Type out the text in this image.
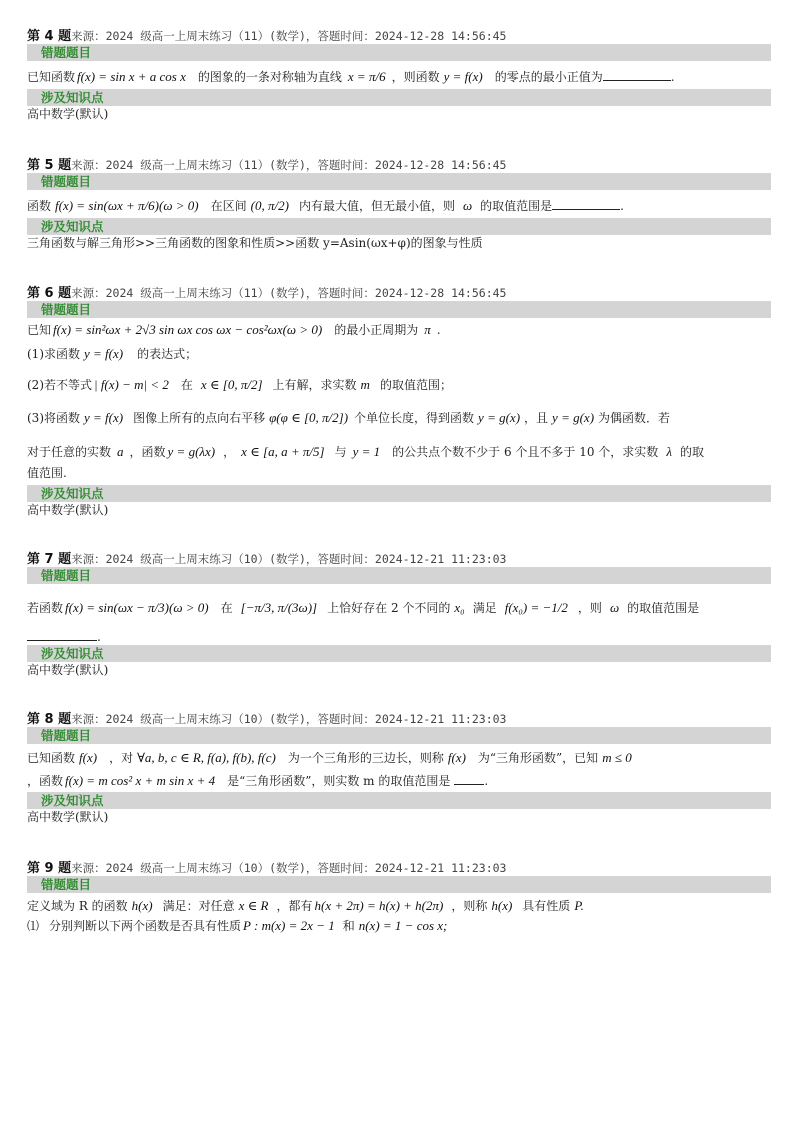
第 4 题来源：2024 级高一上周末练习（11）(数学)，答题时间：2024-12-28 14:56:45
错题题目
已知函数 f(x) = sin x + a cos x 的图象的一条对称轴为直线 x = π/6 ，则函数 y = f(x) 的零点的最小正值为	.
涉及知识点
高中数学(默认)
第 5 题来源：2024 级高一上周末练习（11）(数学)，答题时间：2024-12-28 14:56:45
错题题目
函数 f(x) = sin(ωx + π/6)(ω > 0) 在区间 (0, π/2) 内有最大值，但无最小值，则 ω 的取值范围是	.
涉及知识点
三角函数与解三角形>>三角函数的图象和性质>>函数 y=Asin(ωx+φ)的图象与性质
第 6 题来源：2024 级高一上周末练习（11）(数学)，答题时间：2024-12-28 14:56:45
错题题目
已知 f(x) = sin²ωx + 2√3 sin ωx cos ωx − cos²ωx(ω > 0) 的最小正周期为 π .
(1)求函数 y = f(x) 的表达式；
(2)若不等式 | f(x) − m| < 2 在 x ∈ [0, π/2] 上有解，求实数 m 的取值范围；
(3)将函数 y = f(x) 图像上所有的点向右平移 φ(φ ∈ [0, π/2]) 个单位长度，得到函数 y = g(x) ，且 y = g(x) 为偶函数．若
对于任意的实数 a ，函数 y = g(λx) ， x ∈ [a, a + π/5] 与 y = 1 的公共点个数不少于 6 个且不多于 10 个，求实数 λ 的取
值范围.
涉及知识点
高中数学(默认)
第 7 题来源：2024 级高一上周末练习（10）(数学)，答题时间：2024-12-21 11:23:03
错题题目
若函数 f(x) = sin(ωx − π/3)(ω > 0) 在 [−π/3, π/(3ω)] 上恰好存在 2 个不同的 x₀ 满足 f(x₀) = −1/2 ，则 ω 的取值范围是
.
涉及知识点
高中数学(默认)
第 8 题来源：2024 级高一上周末练习（10）(数学)，答题时间：2024-12-21 11:23:03
错题题目
已知函数 f(x) ，对 ∀a, b, c ∈ R, f(a), f(b), f(c) 为一个三角形的三边长，则称 f(x) 为“三角形函数”，已知 m ≤ 0
，函数 f(x) = m cos² x + m sin x + 4 是“三角形函数”，则实数 m 的取值范围是	.
涉及知识点
高中数学(默认)
第 9 题来源：2024 级高一上周末练习（10）(数学)，答题时间：2024-12-21 11:23:03
错题题目
定义域为 R 的函数 h(x) 满足：对任意 x ∈ R ，都有 h(x + 2π) = h(x) + h(2π) ，则称 h(x) 具有性质 P.
⑴ 分别判断以下两个函数是否具有性质 P : m(x) = 2x − 1 和 n(x) = 1 − cos x;
